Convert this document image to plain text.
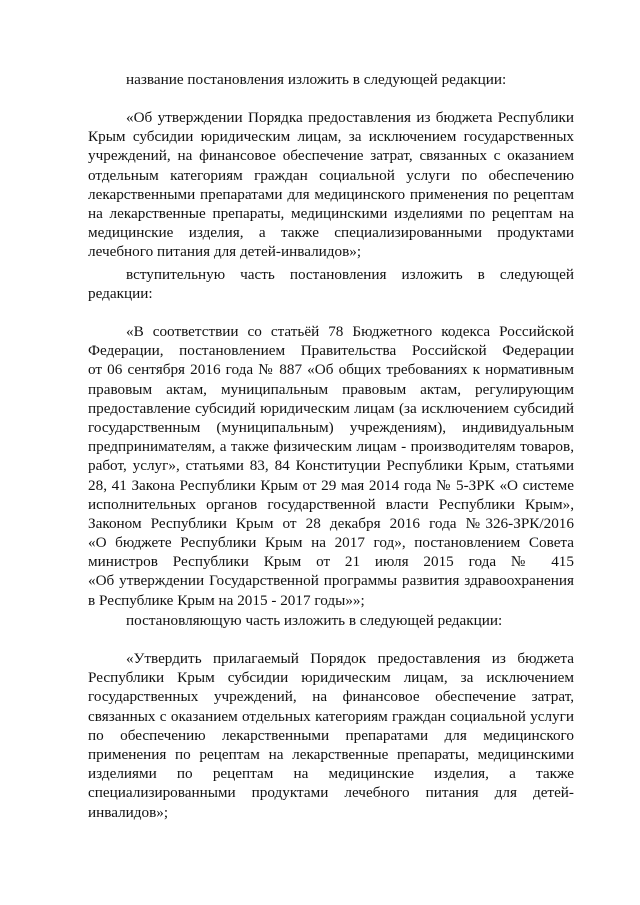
название постановления изложить в следующей редакции:
«Об утверждении Порядка предоставления из бюджета Республики
Крым субсидии юридическим лицам, за исключением государственных
учреждений, на финансовое обеспечение затрат, связанных с оказанием
отдельным категориям граждан социальной услуги по обеспечению
лекарственными препаратами для медицинского применения по рецептам
на лекарственные препараты, медицинскими изделиями по рецептам на
медицинские изделия, а также специализированными продуктами
лечебного питания для детей-инвалидов»;
вступительную часть постановления изложить в следующей
редакции:
«В соответствии со статьёй 78 Бюджетного кодекса Российской
Федерации, постановлением Правительства Российской Федерации
от 06 сентября 2016 года № 887 «Об общих требованиях к нормативным
правовым актам, муниципальным правовым актам, регулирующим
предоставление субсидий юридическим лицам (за исключением субсидий
государственным (муниципальным) учреждениям), индивидуальным
предпринимателям, а также физическим лицам - производителям товаров,
работ, услуг», статьями 83, 84 Конституции Республики Крым, статьями
28, 41 Закона Республики Крым от 29 мая 2014 года № 5-ЗРК «О системе
исполнительных органов государственной власти Республики Крым»,
Законом Республики Крым от 28 декабря 2016 года №326-ЗРК/2016
«О бюджете Республики Крым на 2017 год», постановлением Совета
министров Республики Крым от 21 июля 2015 года № 415
«Об утверждении Государственной программы развития здравоохранения
в Республике Крым на 2015 - 2017 годы»»;
постановляющую часть изложить в следующей редакции:
«Утвердить прилагаемый Порядок предоставления из бюджета
Республики Крым субсидии юридическим лицам, за исключением
государственных учреждений, на финансовое обеспечение затрат,
связанных с оказанием отдельных категориям граждан социальной услуги
по обеспечению лекарственными препаратами для медицинского
применения по рецептам на лекарственные препараты, медицинскими
изделиями по рецептам на медицинские изделия, а также
специализированными продуктами лечебного питания для детей-
инвалидов»;
